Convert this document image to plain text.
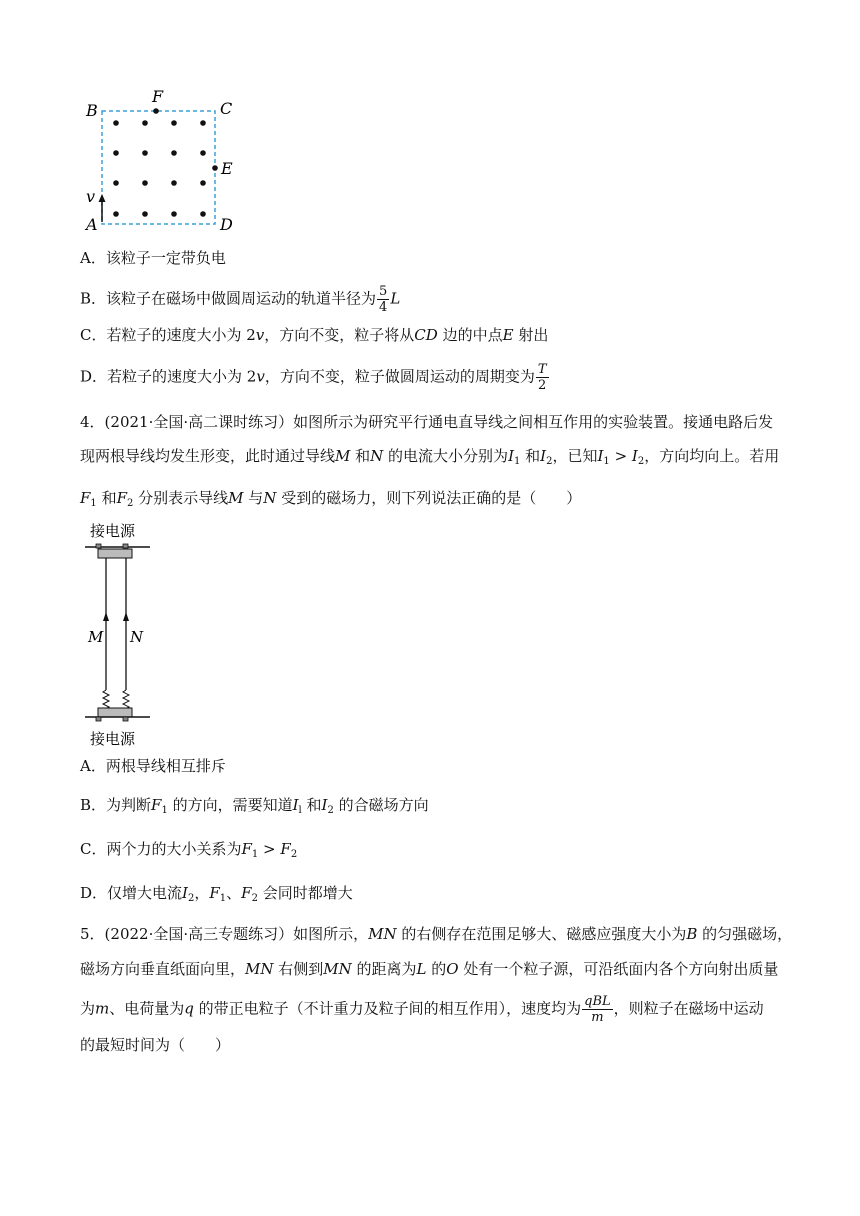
B
F
C
E
v
A	D
A．该粒子一定带负电
B．该粒子在磁场中做圆周运动的轨道半径为 $\frac{5}{4}$ L
C．若粒子的速度大小为 2v，方向不变，粒子将从CD 边的中点E 射出
D．若粒子的速度大小为 2v，方向不变，粒子做圆周运动的周期变为 $\frac{T}{2}$
4．(2021·全国·高二课时练习）如图所示为研究平行通电直导线之间相互作用的实验装置。接通电路后发
现两根导线均发生形变，此时通过导线M 和N 的电流大小分别为$I_1$ 和$I_2$，已知$I_1 > I_2$，方向均向上。若用
$F_1$ 和$F_2$ 分别表示导线M 与N 受到的磁场力，则下列说法正确的是（　　）
接电源
M N
接电源
A．两根导线相互排斥
B．为判断$F_1$ 的方向，需要知道$I_l$ 和$I_2$ 的合磁场方向
C．两个力的大小关系为$F_1 > F_2$
D．仅增大电流$I_2$，$F_1$、$F_2$ 会同时都增大
5．(2022·全国·高三专题练习）如图所示，MN 的右侧存在范围足够大、磁感应强度大小为B 的匀强磁场，
磁场方向垂直纸面向里，MN 右侧到MN 的距离为L 的O 处有一个粒子源，可沿纸面内各个方向射出质量
为m、电荷量为q 的带正电粒子（不计重力及粒子间的相互作用），速度均为 $\frac{\text{qBL}}{m}$ ，则粒子在磁场中运动
的最短时间为（　　）
